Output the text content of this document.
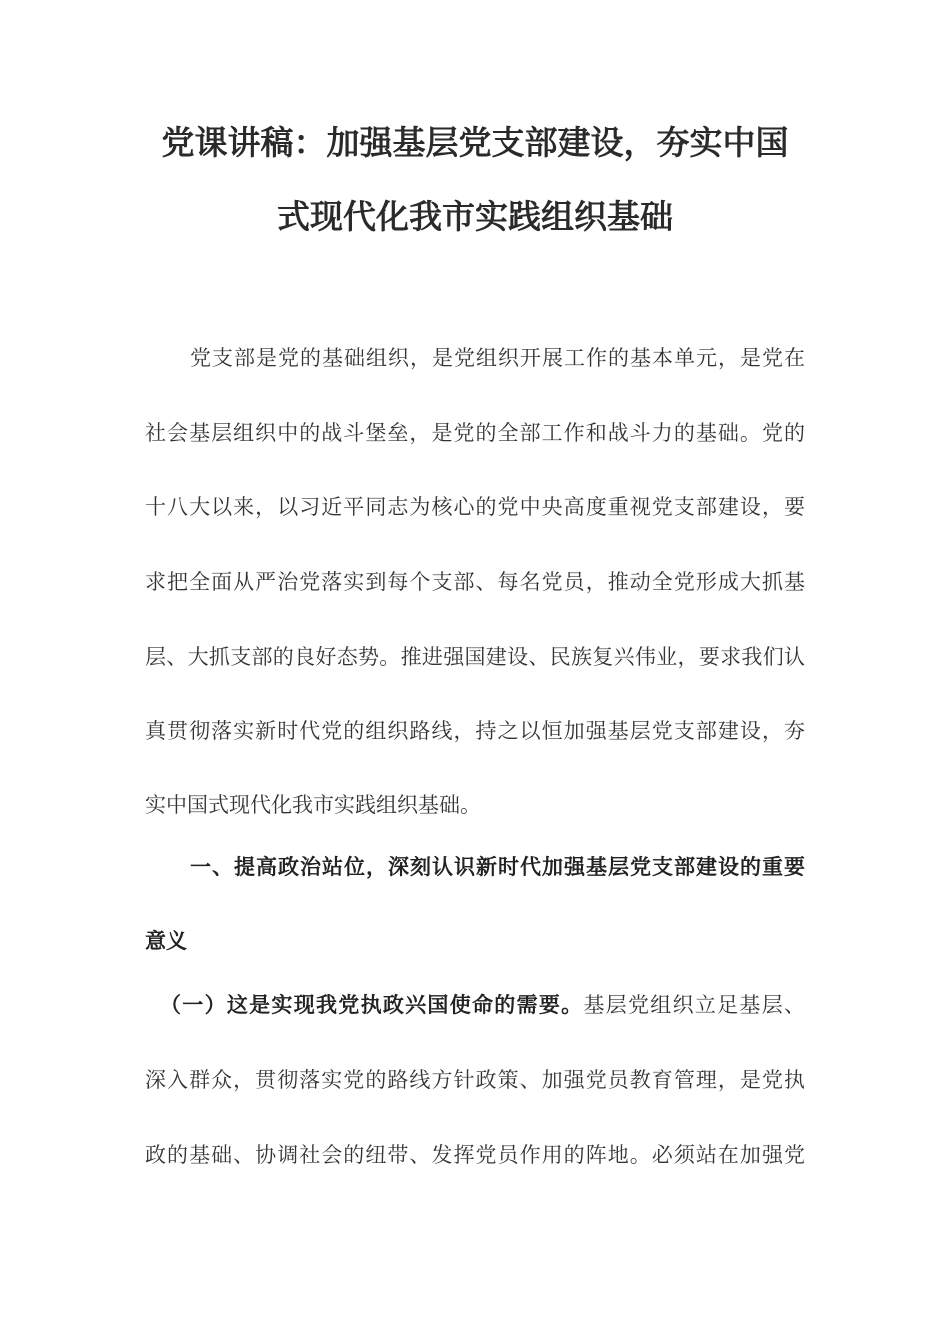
党课讲稿：加强基层党支部建设，夯实中国
式现代化我市实践组织基础
党支部是党的基础组织，是党组织开展工作的基本单元，是党在
社会基层组织中的战斗堡垒，是党的全部工作和战斗力的基础。党的
十八大以来，以习近平同志为核心的党中央高度重视党支部建设，要
求把全面从严治党落实到每个支部、每名党员，推动全党形成大抓基
层、大抓支部的良好态势。推进强国建设、民族复兴伟业，要求我们认
真贯彻落实新时代党的组织路线，持之以恒加强基层党支部建设，夯
实中国式现代化我市实践组织基础。
一、提高政治站位，深刻认识新时代加强基层党支部建设的重要
意义
（一）这是实现我党执政兴国使命的需要。基层党组织立足基层、
深入群众，贯彻落实党的路线方针政策、加强党员教育管理，是党执
政的基础、协调社会的纽带、发挥党员作用的阵地。必须站在加强党
